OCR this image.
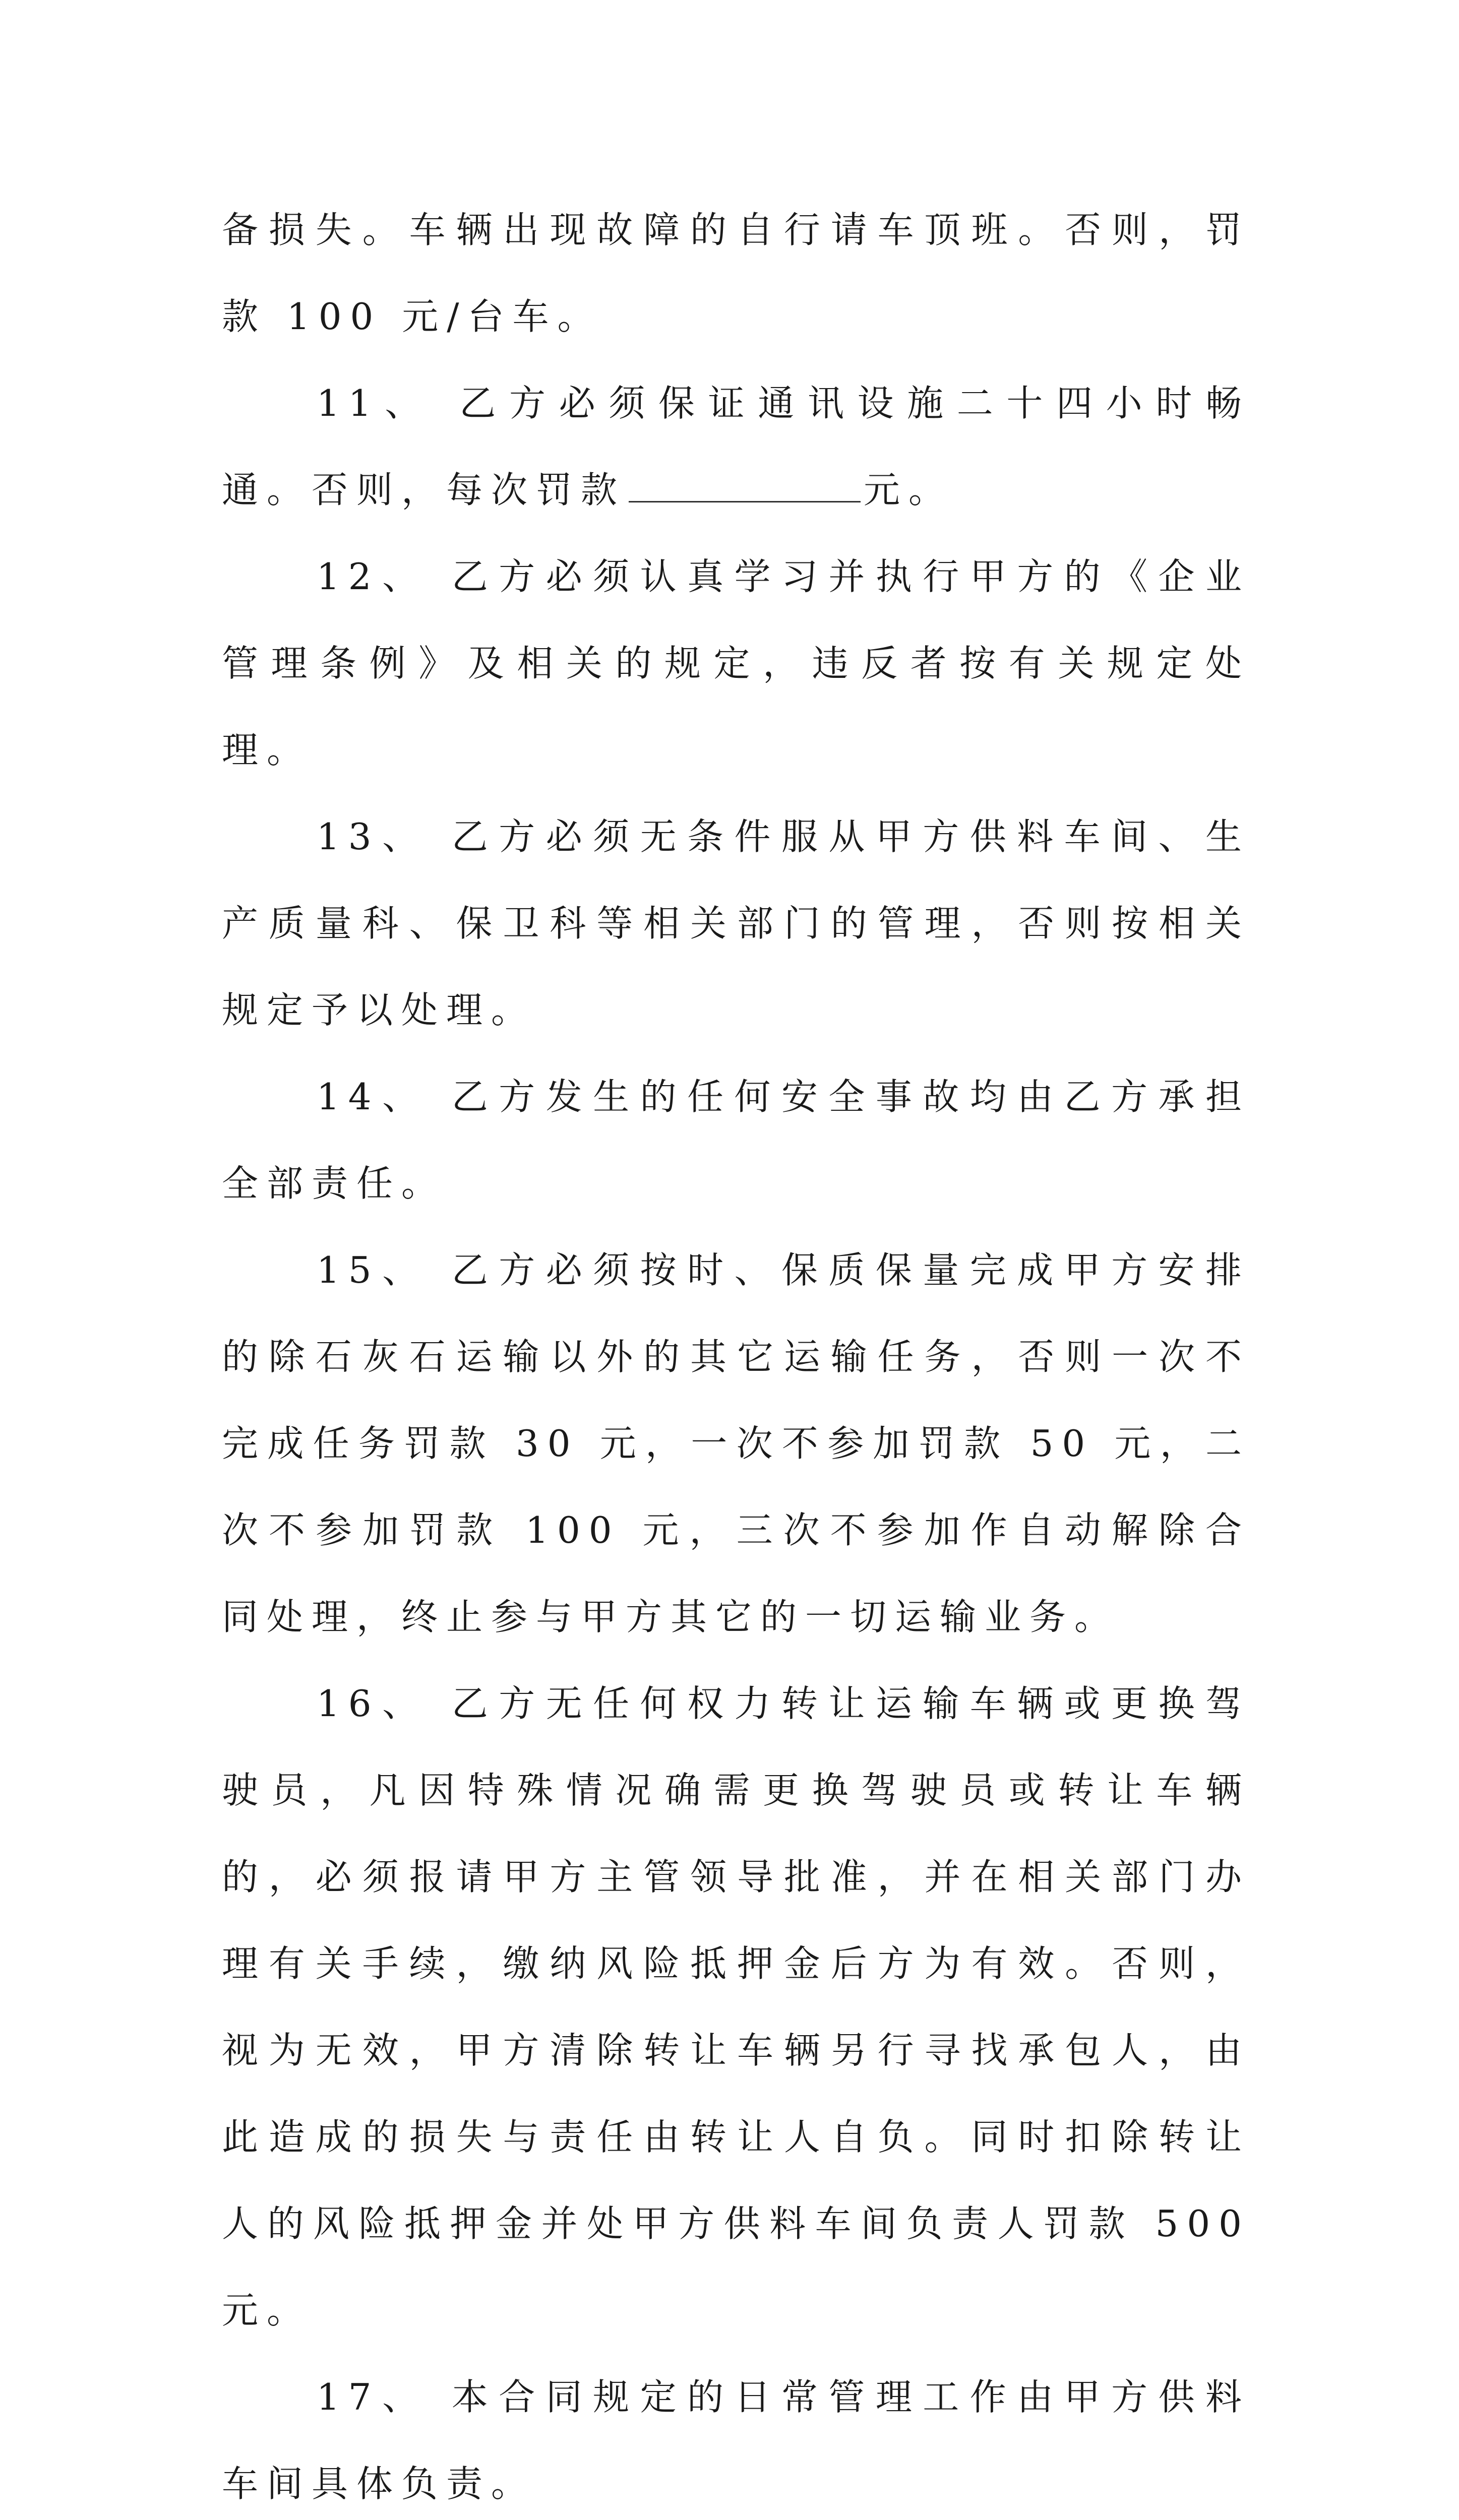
备损失。车辆出现故障的自行请车顶班。否则，罚款 100 元/台车。

11、 乙方必须保证通讯设施二十四小时畅通。否则，每次罚款	元。

12、 乙方必须认真学习并执行甲方的《企业管理条例》及相关的规定，违反者按有关规定处理。

13、 乙方必须无条件服从甲方供料车间、生产质量科、保卫科等相关部门的管理，否则按相关规定予以处理。

14、 乙方发生的任何安全事故均由乙方承担全部责任。

15、 乙方必须按时、保质保量完成甲方安排的除石灰石运输以外的其它运输任务，否则一次不完成任务罚款 30 元，一次不参加罚款 50 元，二次不参加罚款 100 元，三次不参加作自动解除合同处理，终止参与甲方其它的一切运输业务。

16、 乙方无任何权力转让运输车辆或更换驾驶员，凡因特殊情况确需更换驾驶员或转让车辆的，必须报请甲方主管领导批准，并在相关部门办理有关手续，缴纳风险抵押金后方为有效。否则，视为无效，甲方清除转让车辆另行寻找承包人，由此造成的损失与责任由转让人自负。同时扣除转让人的风险抵押金并处甲方供料车间负责人罚款 500 元。

17、 本合同规定的日常管理工作由甲方供料车间具体负责。
